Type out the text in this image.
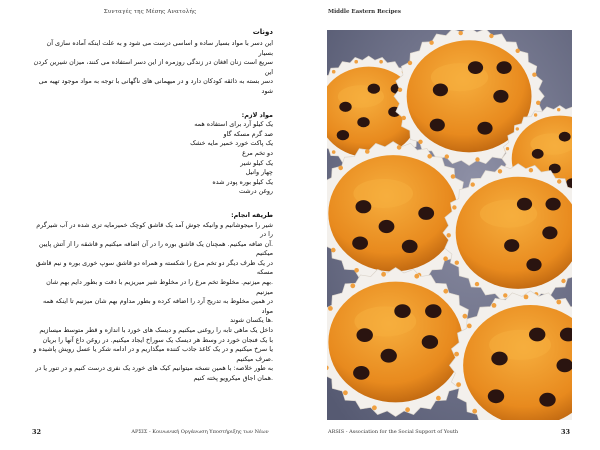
Συνταγές της Μέσης Ανατολής
دونات

این دسر با مواد بسیار ساده و اساسی درست می شود و به علت اینکه آماده سازی آن بسیار

سریع است زنان افغان در زندگی روزمره از این دسر استفاده می کنند، میزان شیرین کردن این

دسر بسته به ذائقه کودکان دارد و در میهمانی های ناگهانی با توجه به مواد موجود تهیه می شود

مواد لازم:

یک کیلو آرد برای استفاده همه

صد گرم مسکه گاو

یک پاکت خورد خمیر مایه خشک

دو تخم مرغ

یک کیلو شیر

چهار وانیل

یک کیلو بوره پودر شده

روغن درشت

طریقه انجام:

شیر را میجوشانیم و وانیکه جوش آمد یک قاشق کوچک خمیرمایه تری شده در آب شیرگرم را در

.آن ضافه میکنیم. همچنان یک قاشق بوره را در آن اضافه میکنیم و قاشقه را از آتش پایین میکنیم

در یک ظرف دیگر دو تخم مرغ را شکسته و همراه دو قاشق سوپ خوری بوره و نیم قاشق مسکه

.بهم میزنیم. مخلوط تخم مرغ را در مخلوط شیر میریزیم با دقت و بطور دایم بهم شان میزنیم

در همین مخلوط به تدریج آرد را اضافه کرده و بطور مداوم بهم شان میزنیم تا اینکه همه مواد

.ها یکسان شوند

داخل یک ماهی تابه را روغنی میکنیم و دیسک های خورد با اندازه و قطر متوسط میسازیم

با یک فنجان خورد در وسط هر دیسک یک سوراخ ایجاد میکنیم. در روغن داغ آنها را بریان

یا سرخ میکنیم و در یک کاغذ جاذب کننده میگذاریم و در ادامه شکر یا عسل رویش پاشیده و

.صرف میکنیم

به طور خلاصه: با همین نسخه میتوانیم کیک های خورد یک نفری درست کنیم و در تنور یا در

.همان اجاق میکرویو پخته کنیم

32	ΑΡΣΙΣ - Κοινωνική Οργάνωση Υποστήριξης των Νέων
Middle Eastern Recipes
ARSIS - Association for the Social Support of Youth	33
